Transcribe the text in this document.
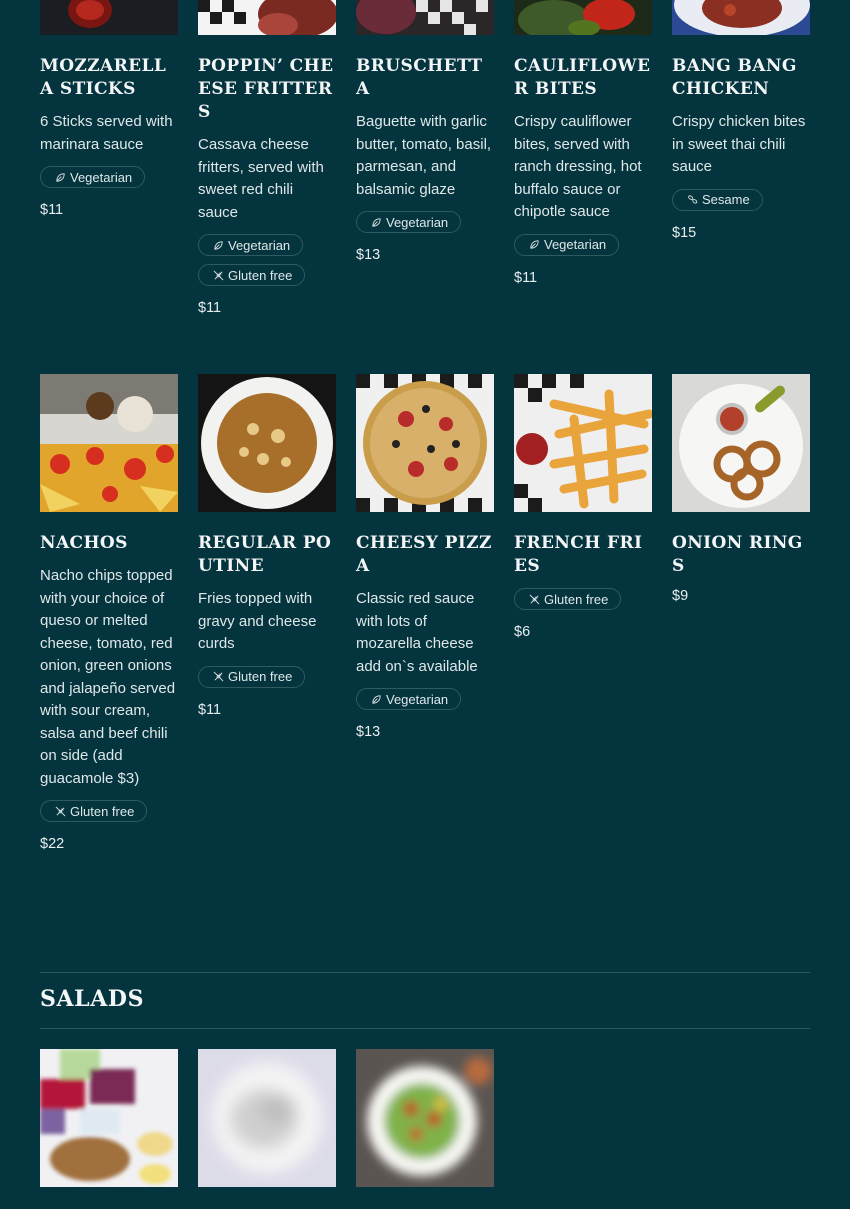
SALADS
MOZZARELLA STICKS
6 Sticks served with marinara sauce
Vegetarian
$11
POPPIN’ CHEESE FRITTERS
Cassava cheese fritters, served with sweet red chili sauce
Vegetarian
Gluten free
$11
BRUSCHETTA
Baguette with garlic butter, tomato, basil, parmesan, and balsamic glaze
Vegetarian
$13
CAULIFLOWER BITES
Crispy cauliflower bites, served with ranch dressing, hot buffalo sauce or chipotle sauce
Vegetarian
$11
BANG BANG CHICKEN
Crispy chicken bites in sweet thai chili sauce
Sesame
$15
NACHOS
Nacho chips topped with your choice of queso or melted cheese, tomato, red onion, green onions and jalapeño served with sour cream, salsa and beef chili on side (add guacamole $3)
Gluten free
$22
REGULAR POUTINE
Fries topped with gravy and cheese curds
Gluten free
$11
CHEESY PIZZA
Classic red sauce with lots of mozarella cheese add on`s available
Vegetarian
$13
FRENCH FRIES
Gluten free
$6
ONION RINGS
$9
